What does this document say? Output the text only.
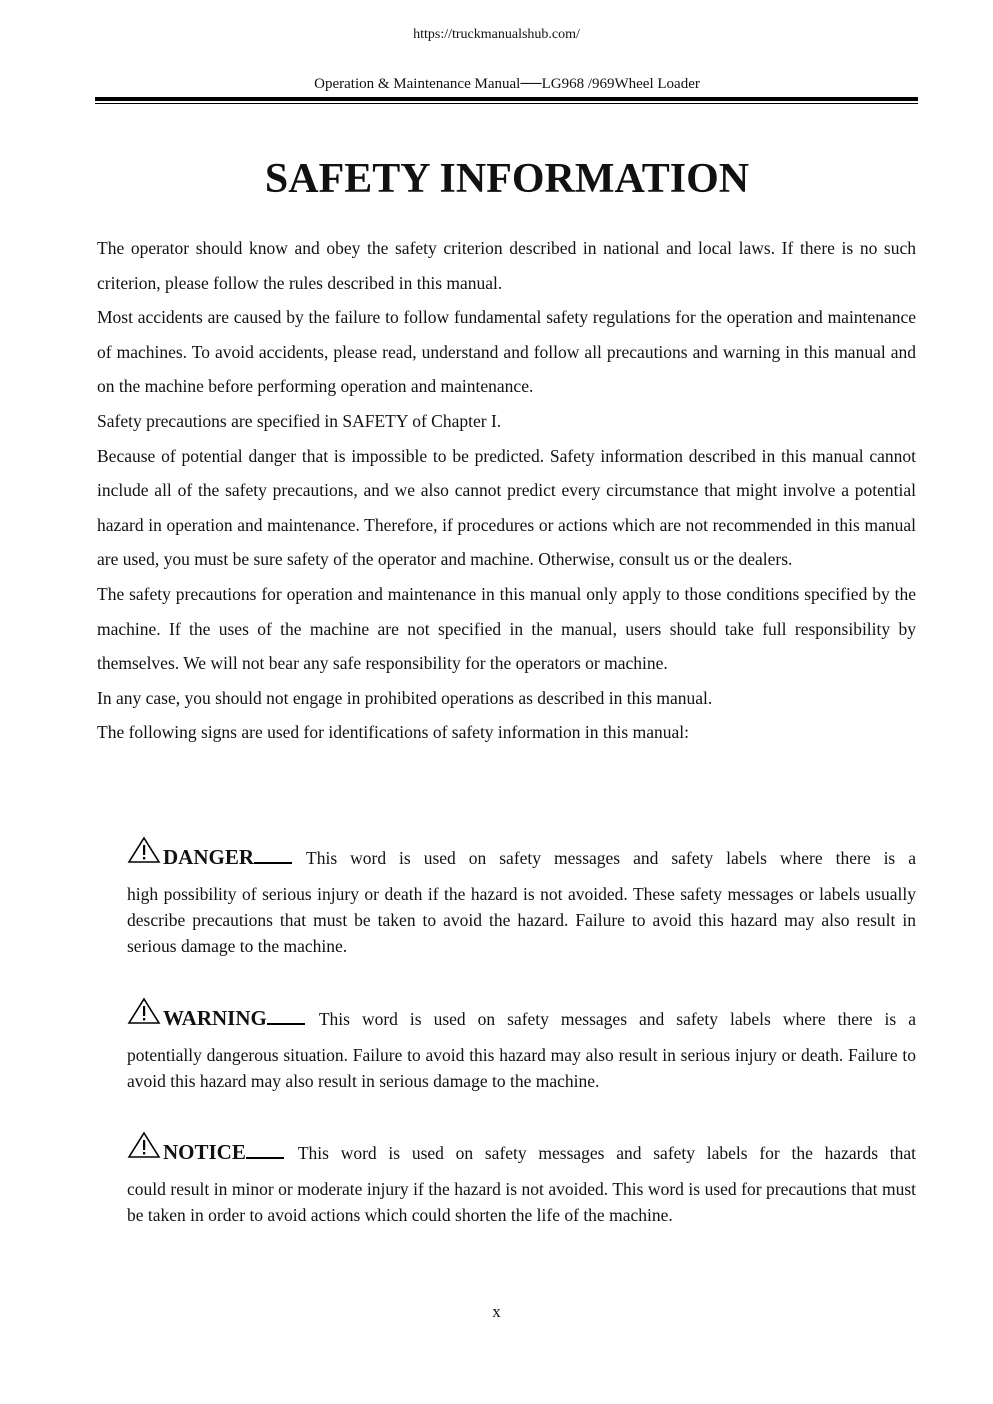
https://truckmanualshub.com/
Operation & Maintenance Manual──LG968 /969Wheel Loader
SAFETY INFORMATION

The operator should know and obey the safety criterion described in national and local laws. If there is no such criterion, please follow the rules described in this manual.

Most accidents are caused by the failure to follow fundamental safety regulations for the operation and maintenance of machines. To avoid accidents, please read, understand and follow all precautions and warning in this manual and on the machine before performing operation and maintenance.

Safety precautions are specified in SAFETY of Chapter I.

Because of potential danger that is impossible to be predicted. Safety information described in this manual cannot include all of the safety precautions, and we also cannot predict every circumstance that might involve a potential hazard in operation and maintenance. Therefore, if procedures or actions which are not recommended in this manual are used, you must be sure safety of the operator and machine. Otherwise, consult us or the dealers.

The safety precautions for operation and maintenance in this manual only apply to those conditions specified by the machine. If the uses of the machine are not specified in the manual, users should take full responsibility by themselves. We will not bear any safe responsibility for the operators or machine.

In any case, you should not engage in prohibited operations as described in this manual.

The following signs are used for identifications of safety information in this manual:

DANGER	This word is used on safety messages and safety labels where there is a
high possibility of serious injury or death if the hazard is not avoided. These safety messages or labels usually describe precautions that must be taken to avoid the hazard. Failure to avoid this hazard may also result in serious damage to the machine.
WARNING	This word is used on safety messages and safety labels where there is a
potentially dangerous situation. Failure to avoid this hazard may also result in serious injury or death. Failure to avoid this hazard may also result in serious damage to the machine.
NOTICE	This word is used on safety messages and safety labels for the hazards that
could result in minor or moderate injury if the hazard is not avoided. This word is used for precautions that must be taken in order to avoid actions which could shorten the life of the machine.
x
